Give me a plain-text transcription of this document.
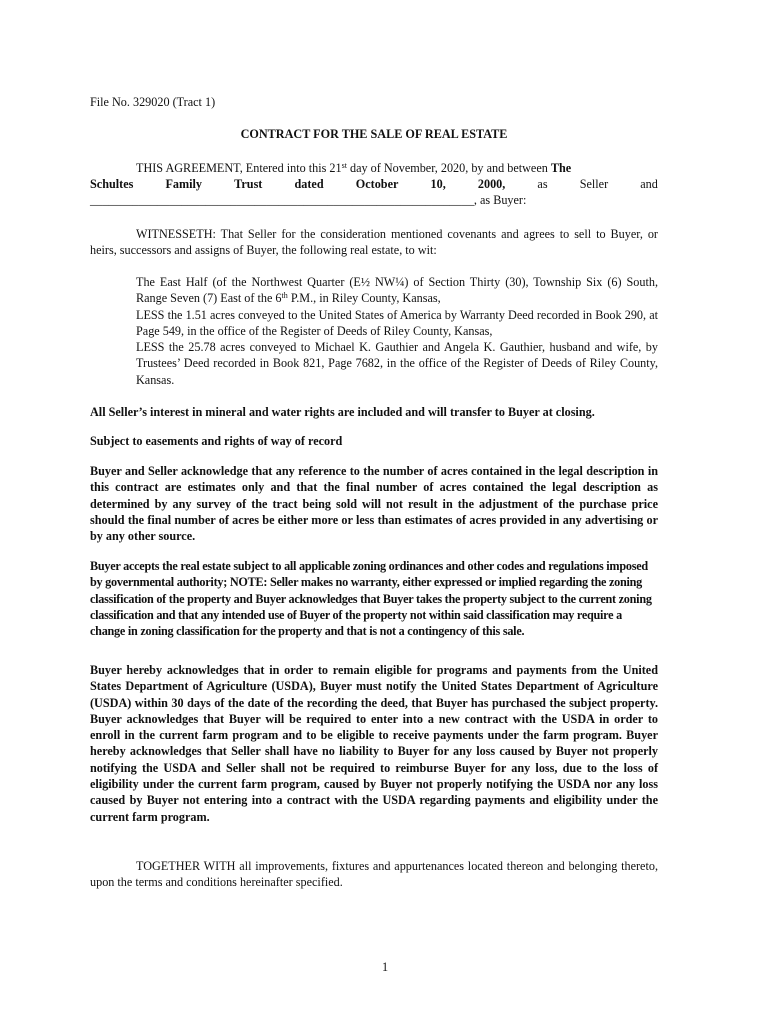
File No. 329020 (Tract 1)

CONTRACT FOR THE SALE OF REAL ESTATE

THIS AGREEMENT, Entered into this 21st day of November, 2020, by and between The

Schultes	Family	Trust	dated	October	10,	2000,	as	Seller	and

_______________________________________________________________, as Buyer:

WITNESSETH: That Seller for the consideration mentioned covenants and agrees to sell to Buyer, or heirs, successors and assigns of Buyer, the following real estate, to wit:

The East Half (of the Northwest Quarter (E½ NW¼) of Section Thirty (30), Township Six (6) South, Range Seven (7) East of the 6th P.M., in Riley County, Kansas,

LESS the 1.51 acres conveyed to the United States of America by Warranty Deed recorded in Book 290, at Page 549, in the office of the Register of Deeds of Riley County, Kansas,

LESS the 25.78 acres conveyed to Michael K. Gauthier and Angela K. Gauthier, husband and wife, by Trustees’ Deed recorded in Book 821, Page 7682, in the office of the Register of Deeds of Riley County, Kansas.

All Seller’s interest in mineral and water rights are included and will transfer to Buyer at closing.

Subject to easements and rights of way of record

Buyer and Seller acknowledge that any reference to the number of acres contained in the legal description in this contract are estimates only and that the final number of acres contained the legal description as determined by any survey of the tract being sold will not result in the adjustment of the purchase price should the final number of acres be either more or less than estimates of acres provided in any advertising or by any other source.

Buyer accepts the real estate subject to all applicable zoning ordinances and other codes and regulations imposed by governmental authority; NOTE: Seller makes no warranty, either expressed or implied regarding the zoning classification of the property and Buyer acknowledges that Buyer takes the property subject to the current zoning classification and that any intended use of Buyer of the property not within said classification may require a change in zoning classification for the property and that is not a contingency of this sale.

Buyer hereby acknowledges that in order to remain eligible for programs and payments from the United States Department of Agriculture (USDA), Buyer must notify the United States Department of Agriculture (USDA) within 30 days of the date of the recording the deed, that Buyer has purchased the subject property. Buyer acknowledges that Buyer will be required to enter into a new contract with the USDA in order to enroll in the current farm program and to be eligible to receive payments under the farm program. Buyer hereby acknowledges that Seller shall have no liability to Buyer for any loss caused by Buyer not properly notifying the USDA and Seller shall not be required to reimburse Buyer for any loss, due to the loss of eligibility under the current farm program, caused by Buyer not properly notifying the USDA nor any loss caused by Buyer not entering into a contract with the USDA regarding payments and eligibility under the current farm program.

TOGETHER WITH all improvements, fixtures and appurtenances located thereon and belonging thereto, upon the terms and conditions hereinafter specified.

1
